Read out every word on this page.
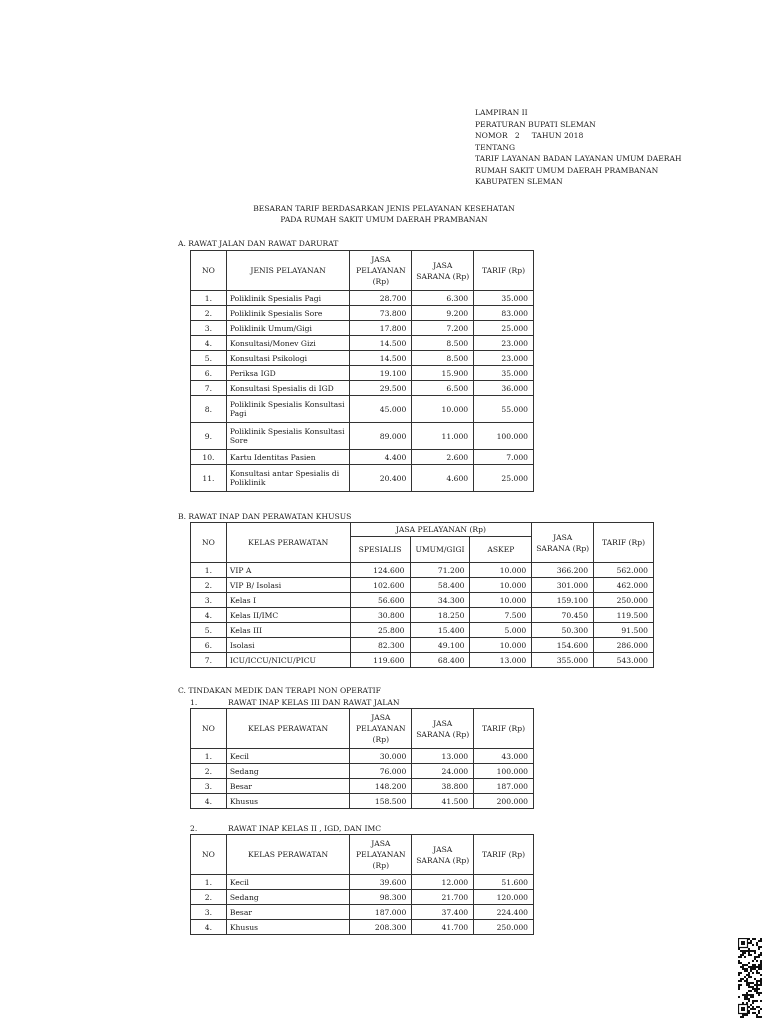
LAMPIRAN II
PERATURAN BUPATI SLEMAN
NOMOR   2     TAHUN 2018
TENTANG
TARIF LAYANAN BADAN LAYANAN UMUM DAERAH
RUMAH SAKIT UMUM DAERAH PRAMBANAN
KABUPATEN SLEMAN
BESARAN TARIF BERDASARKAN JENIS PELAYANAN KESEHATAN
PADA RUMAH SAKIT UMUM DAERAH PRAMBANAN
A. RAWAT JALAN DAN RAWAT DARURAT
NO	JENIS PELAYANAN	JASA PELAYANAN (Rp)	JASA SARANA (Rp)	TARIF (Rp)
1.	Poliklinik Spesialis Pagi	28.700	6.300	35.000
2.	Poliklinik Spesialis Sore	73.800	9.200	83.000
3.	Poliklinik Umum/Gigi	17.800	7.200	25.000
4.	Konsultasi/Monev Gizi	14.500	8.500	23.000
5.	Konsultasi Psikologi	14.500	8.500	23.000
6.	Periksa IGD	19.100	15.900	35.000
7.	Konsultasi Spesialis di IGD	29.500	6.500	36.000
8.	Poliklinik Spesialis Konsultasi Pagi	45.000	10.000	55.000
9.	Poliklinik Spesialis Konsultasi Sore	89.000	11.000	100.000
10.	Kartu Identitas Pasien	4.400	2.600	7.000
11.	Konsultasi antar Spesialis di Poliklinik	20.400	4.600	25.000
B. RAWAT INAP DAN PERAWATAN KHUSUS
NO	KELAS PERAWATAN	JASA PELAYANAN (Rp)			JASA SARANA (Rp)	TARIF (Rp)
		SPESIALIS	UMUM/GIGI	ASKEP		
1.	VIP A	124.600	71.200	10.000	366.200	562.000
2.	VIP B/ Isolasi	102.600	58.400	10.000	301.000	462.000
3.	Kelas I	56.600	34.300	10.000	159.100	250.000
4.	Kelas II/IMC	30.800	18.250	7.500	70.450	119.500
5.	Kelas III	25.800	15.400	5.000	50.300	91.500
6.	Isolasi	82.300	49.100	10.000	154.600	286.000
7.	ICU/ICCU/NICU/PICU	119.600	68.400	13.000	355.000	543.000
C. TINDAKAN MEDIK DAN TERAPI NON OPERATIF
1.	RAWAT INAP KELAS III DAN RAWAT JALAN
NO	KELAS PERAWATAN	JASA PELAYANAN (Rp)	JASA SARANA (Rp)	TARIF (Rp)
1.	Kecil	30.000	13.000	43.000
2.	Sedang	76.000	24.000	100.000
3.	Besar	148.200	38.800	187.000
4.	Khusus	158.500	41.500	200.000
2.	RAWAT INAP KELAS II , IGD, DAN IMC
NO	KELAS PERAWATAN	JASA PELAYANAN (Rp)	JASA SARANA (Rp)	TARIF (Rp)
1.	Kecil	39.600	12.000	51.600
2.	Sedang	98.300	21.700	120.000
3.	Besar	187.000	37.400	224.400
4.	Khusus	208.300	41.700	250.000
